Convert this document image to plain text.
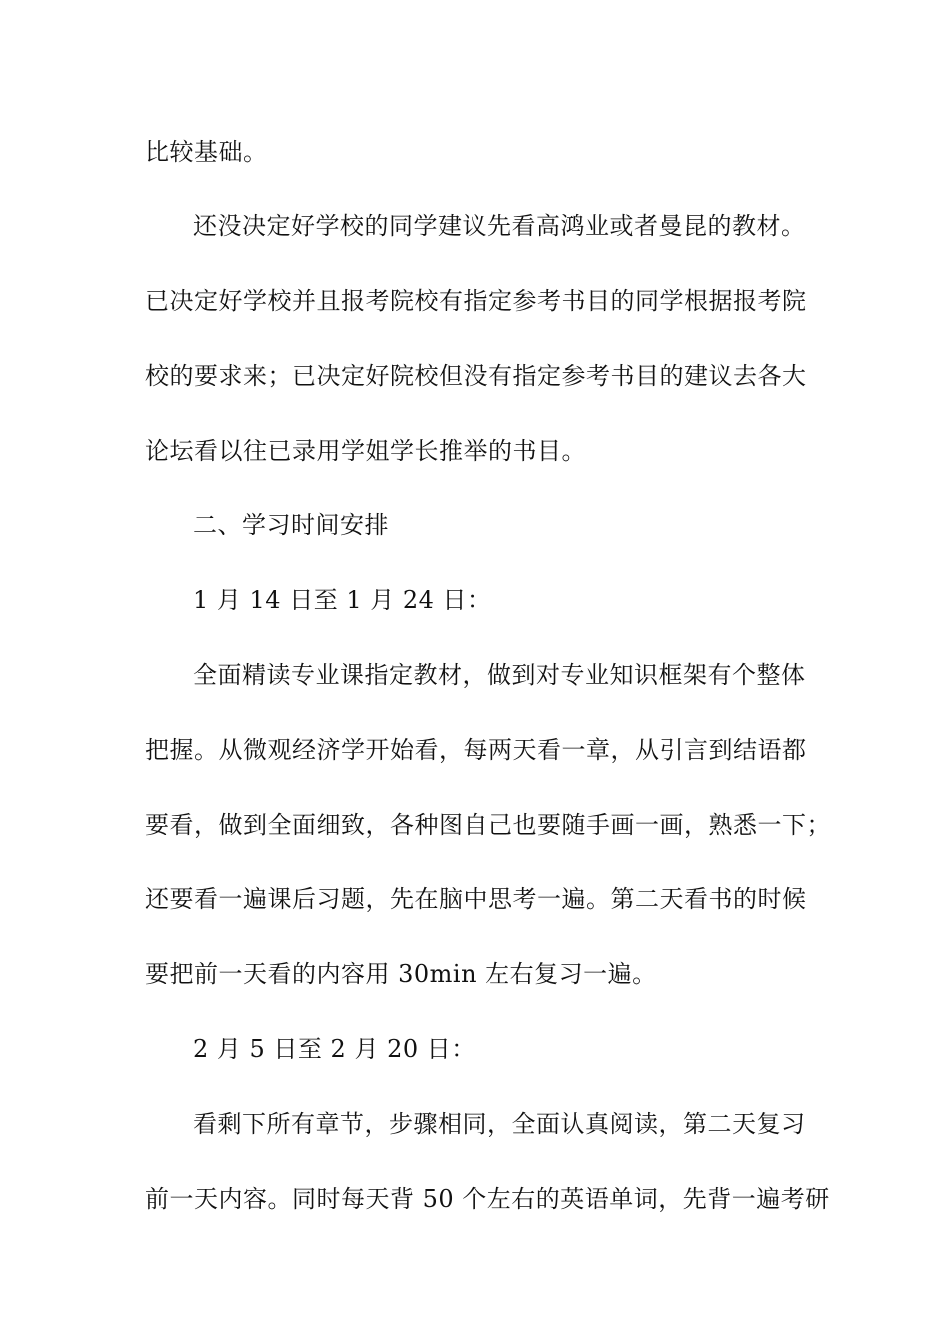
比较基础。
还没决定好学校的同学建议先看高鸿业或者曼昆的教材。
已决定好学校并且报考院校有指定参考书目的同学根据报考院
校的要求来；已决定好院校但没有指定参考书目的建议去各大
论坛看以往已录用学姐学长推举的书目。
二、学习时间安排
1 月 14 日至 1 月 24 日：
全面精读专业课指定教材，做到对专业知识框架有个整体
把握。从微观经济学开始看，每两天看一章，从引言到结语都
要看，做到全面细致，各种图自己也要随手画一画，熟悉一下；
还要看一遍课后习题，先在脑中思考一遍。第二天看书的时候
要把前一天看的内容用 30min 左右复习一遍。
2 月 5 日至 2 月 20 日：
看剩下所有章节，步骤相同，全面认真阅读，第二天复习
前一天内容。同时每天背 50 个左右的英语单词，先背一遍考研
